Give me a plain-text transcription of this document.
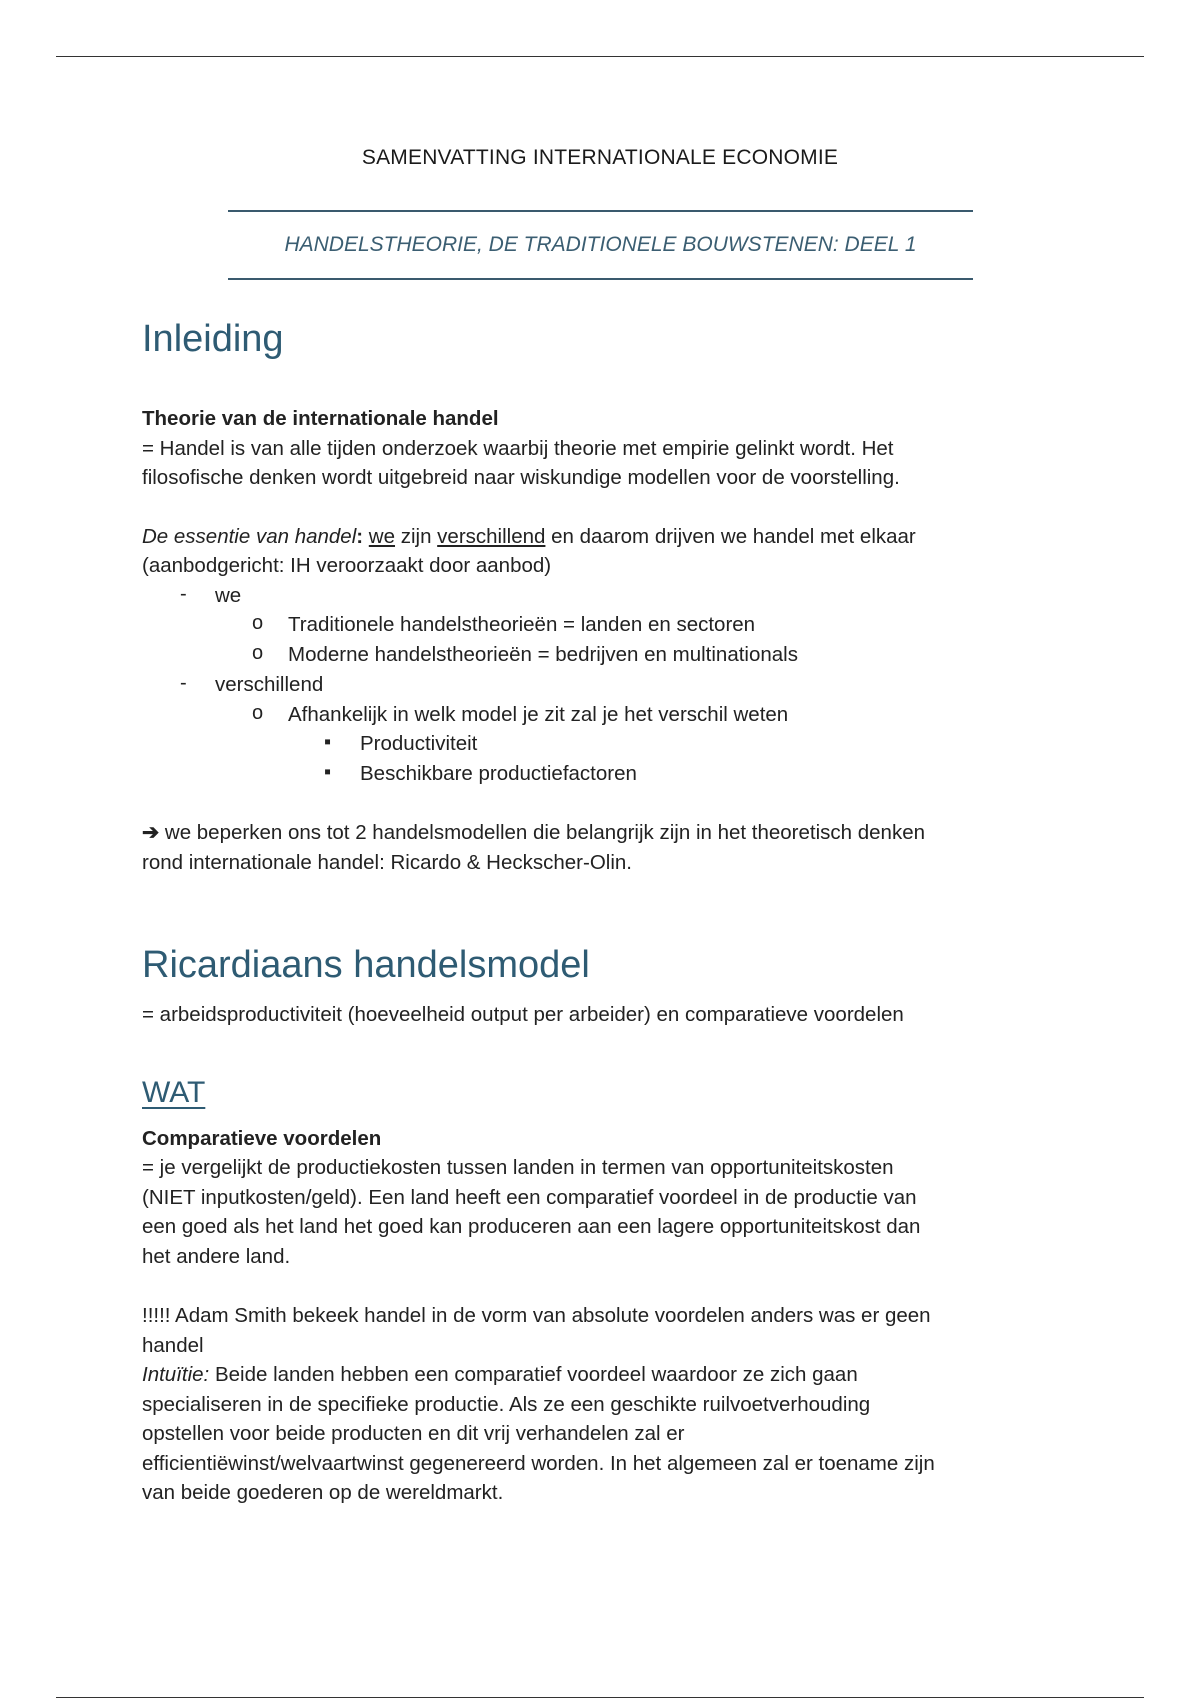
SAMENVATTING INTERNATIONALE ECONOMIE
HANDELSTHEORIE, DE TRADITIONELE BOUWSTENEN: DEEL 1
Inleiding
Theorie van de internationale handel
= Handel is van alle tijden onderzoek waarbij theorie met empirie gelinkt wordt. Het
filosofische denken wordt uitgebreid naar wiskundige modellen voor de voorstelling.
De essentie van handel: we zijn verschillend en daarom drijven we handel met elkaar
(aanbodgericht: IH veroorzaakt door aanbod)
- we
o Traditionele handelstheorieën = landen en sectoren
o Moderne handelstheorieën = bedrijven en multinationals
- verschillend
o Afhankelijk in welk model je zit zal je het verschil weten
▪ Productiviteit
▪ Beschikbare productiefactoren
➔ we beperken ons tot 2 handelsmodellen die belangrijk zijn in het theoretisch denken
rond internationale handel: Ricardo & Heckscher-Olin.
Ricardiaans handelsmodel
= arbeidsproductiviteit (hoeveelheid output per arbeider) en comparatieve voordelen
WAT
Comparatieve voordelen
= je vergelijkt de productiekosten tussen landen in termen van opportuniteitskosten
(NIET inputkosten/geld). Een land heeft een comparatief voordeel in de productie van
een goed als het land het goed kan produceren aan een lagere opportuniteitskost dan
het andere land.
!!!!! Adam Smith bekeek handel in de vorm van absolute voordelen anders was er geen
handel
Intuïtie: Beide landen hebben een comparatief voordeel waardoor ze zich gaan
specialiseren in de specifieke productie. Als ze een geschikte ruilvoetverhouding
opstellen voor beide producten en dit vrij verhandelen zal er
efficientiëwinst/welvaartwinst gegenereerd worden. In het algemeen zal er toename zijn
van beide goederen op de wereldmarkt.
